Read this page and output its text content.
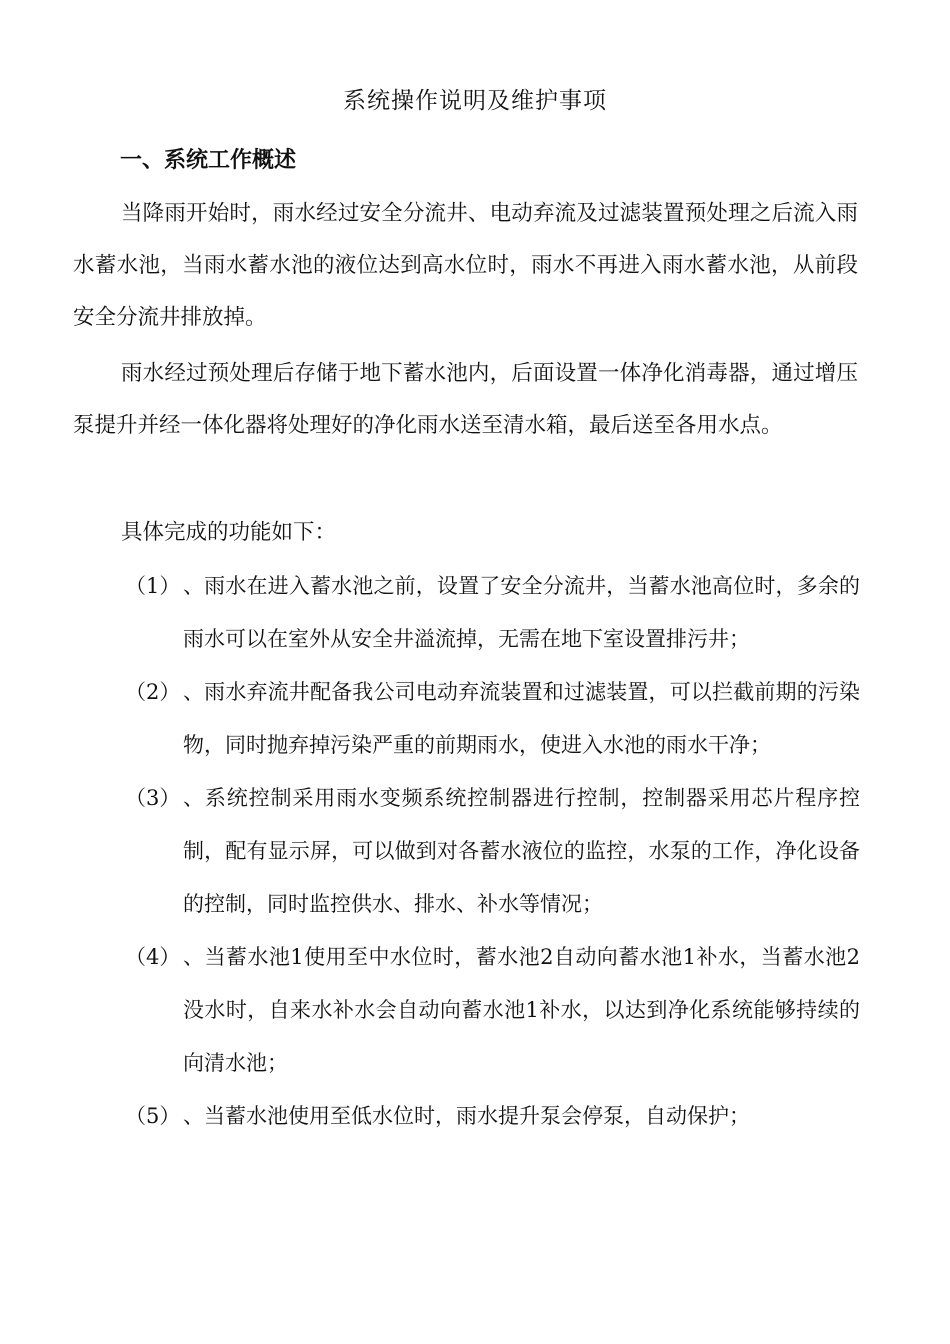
系统操作说明及维护事项
一、系统工作概述

当降雨开始时，雨水经过安全分流井、电动弃流及过滤装置预处理之后流入雨水蓄水池，当雨水蓄水池的液位达到高水位时，雨水不再进入雨水蓄水池，从前段安全分流井排放掉。

雨水经过预处理后存储于地下蓄水池内，后面设置一体净化消毒器，通过增压泵提升并经一体化器将处理好的净化雨水送至清水箱，最后送至各用水点。

具体完成的功能如下：

（1） 、雨水在进入蓄水池之前，设置了安全分流井，当蓄水池高位时，多余的雨水可以在室外从安全井溢流掉，无需在地下室设置排污井；
（2） 、雨水弃流井配备我公司电动弃流装置和过滤装置，可以拦截前期的污染物，同时抛弃掉污染严重的前期雨水，使进入水池的雨水干净；
（3） 、系统控制采用雨水变频系统控制器进行控制，控制器采用芯片程序控制，配有显示屏，可以做到对各蓄水液位的监控，水泵的工作，净化设备的控制，同时监控供水、排水、补水等情况；
（4） 、当蓄水池1使用至中水位时，蓄水池2自动向蓄水池1补水，当蓄水池2没水时，自来水补水会自动向蓄水池1补水，以达到净化系统能够持续的向清水池；
（5） 、当蓄水池使用至低水位时，雨水提升泵会停泵，自动保护；
